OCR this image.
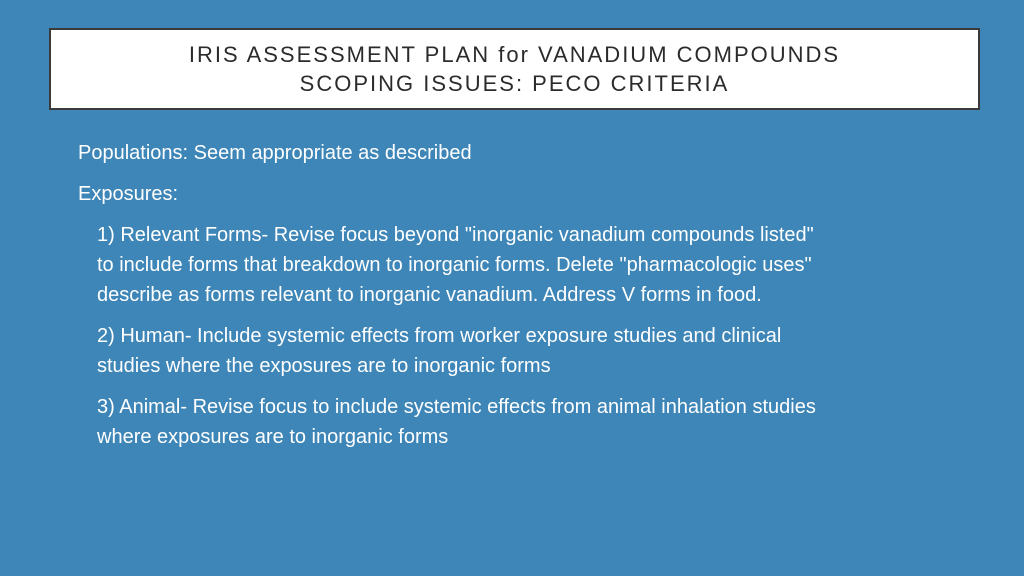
IRIS ASSESSMENT PLAN for VANADIUM COMPOUNDS
SCOPING ISSUES: PECO CRITERIA
Populations: Seem appropriate as described
Exposures:
1) Relevant Forms- Revise focus beyond "inorganic vanadium compounds listed"
to include forms that breakdown to inorganic forms. Delete "pharmacologic uses"
describe as forms relevant to inorganic vanadium. Address V forms in food.
2) Human- Include systemic effects from worker exposure studies and clinical
studies where the exposures are to inorganic forms
3) Animal- Revise focus to include systemic effects from animal inhalation studies
where exposures are to inorganic forms
